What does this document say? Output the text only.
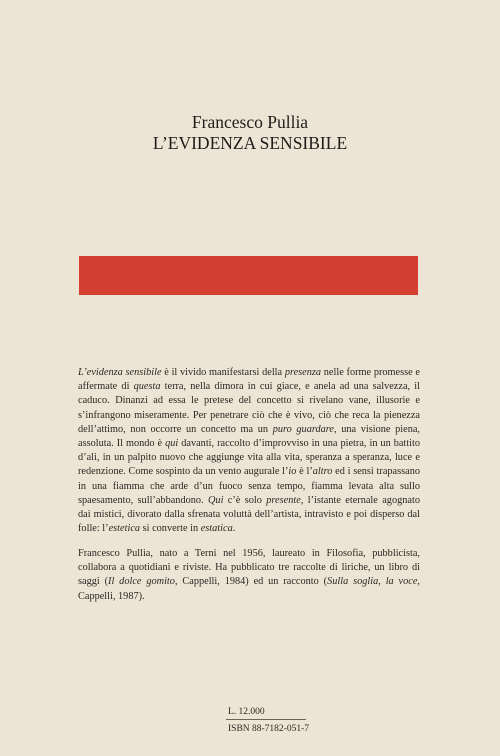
Francesco Pullia
L’EVIDENZA SENSIBILE

L’evidenza sensibile è il vivido manifestarsi della presenza nelle forme promesse e affermate di questa terra, nella dimora in cui giace, e anela ad una salvezza, il caduco. Dinanzi ad essa le pretese del concetto si rivelano vane, illusorie e s’infrangono miseramente. Per penetrare ciò che è vivo, ciò che reca la pienezza dell’attimo, non occorre un concetto ma un puro guardare, una visione piena, assoluta. Il mondo è qui davanti, raccolto d’improvviso in una pietra, in un battito d’ali, in un palpito nuovo che aggiunge vita alla vita, speranza a speranza, luce e redenzione. Come sospinto da un vento augurale l’io è l’altro ed i sensi trapassano in una fiamma che arde d’un fuoco senza tempo, fiamma levata alta sullo spaesamento, sull’abbandono. Qui c’è solo presente, l’istante eternale agognato dai mistici, divorato dalla sfrenata voluttà dell’artista, intravisto e poi disperso dal folle: l’estetica si converte in estatica.

Francesco Pullia, nato a Terni nel 1956, laureato in Filosofia, pubblicista, collabora a quotidiani e riviste. Ha pubblicato tre raccolte di liriche, un libro di saggi (Il dolce gomito, Cappelli, 1984) ed un racconto (Sulla soglia, la voce, Cappelli, 1987).

L. 12.000
ISBN 88-7182-051-7
